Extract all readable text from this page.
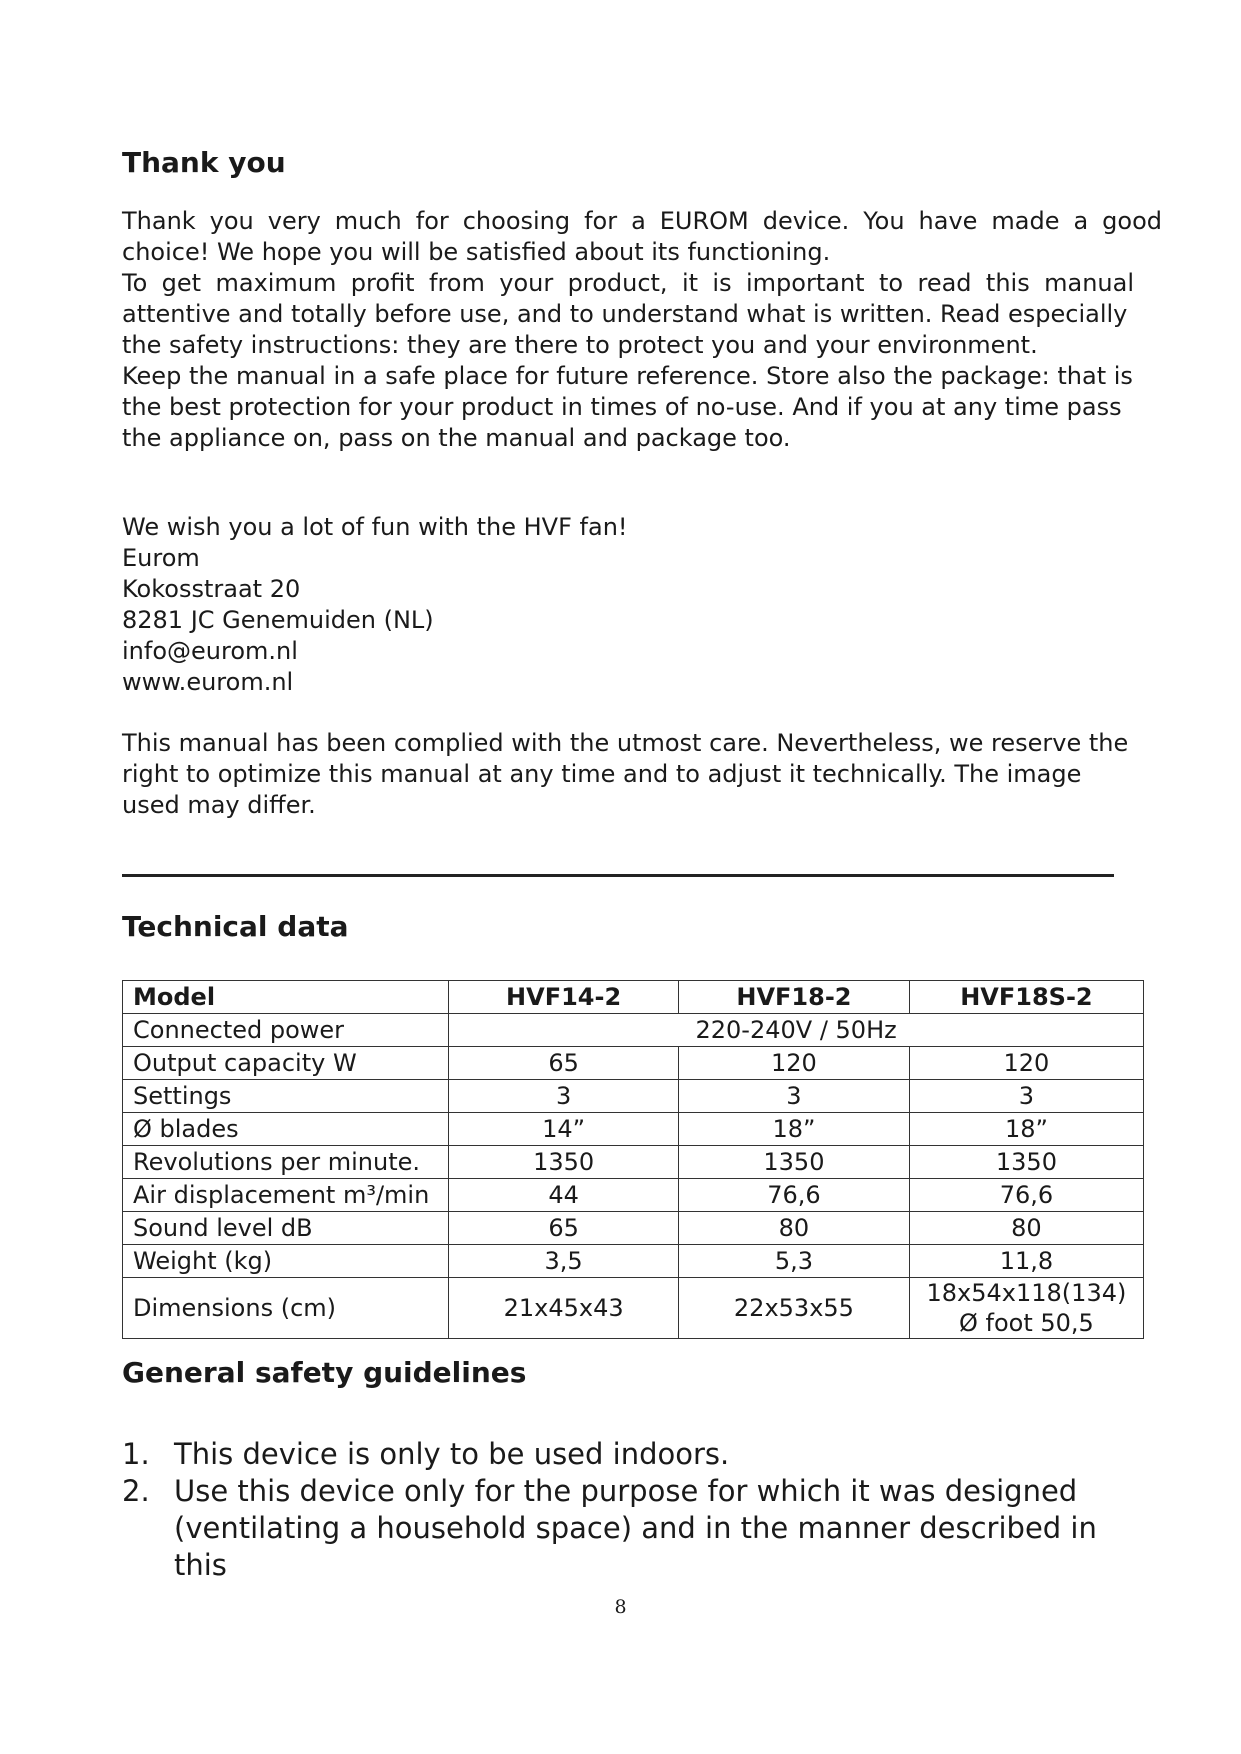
Thank you

Thank you very much for choosing for a EUROM device. You have made a good

choice! We hope you will be satisfied about its functioning.

To get maximum profit from your product, it is important to read this manual

attentive and totally before use, and to understand what is written. Read especially

the safety instructions: they are there to protect you and your environment.

Keep the manual in a safe place for future reference. Store also the package: that is

the best protection for your product in times of no-use. And if you at any time pass

the appliance on, pass on the manual and package too.

We wish you a lot of fun with the HVF fan!

Eurom

Kokosstraat 20

8281 JC Genemuiden (NL)

info@eurom.nl

www.eurom.nl

This manual has been complied with the utmost care. Nevertheless, we reserve the

right to optimize this manual at any time and to adjust it technically. The image

used may differ.

Technical data
Model	HVF14-2	HVF18-2	HVF18S-2
Connected power	220-240V / 50Hz		
Output capacity W	65	120	120
Settings	3	3	3
Ø blades	14”	18”	18”
Revolutions per minute.	1350	1350	1350
Air displacement m³/min	44	76,6	76,6
Sound level dB	65	80	80
Weight (kg)	3,5	5,3	11,8
Dimensions (cm)	21x45x43	22x53x55	18x54x118(134)
Ø foot 50,5
General safety guidelines
1. This device is only to be used indoors.
2. Use this device only for the purpose for which it was designed (ventilating a household space) and in the manner described in this
8
